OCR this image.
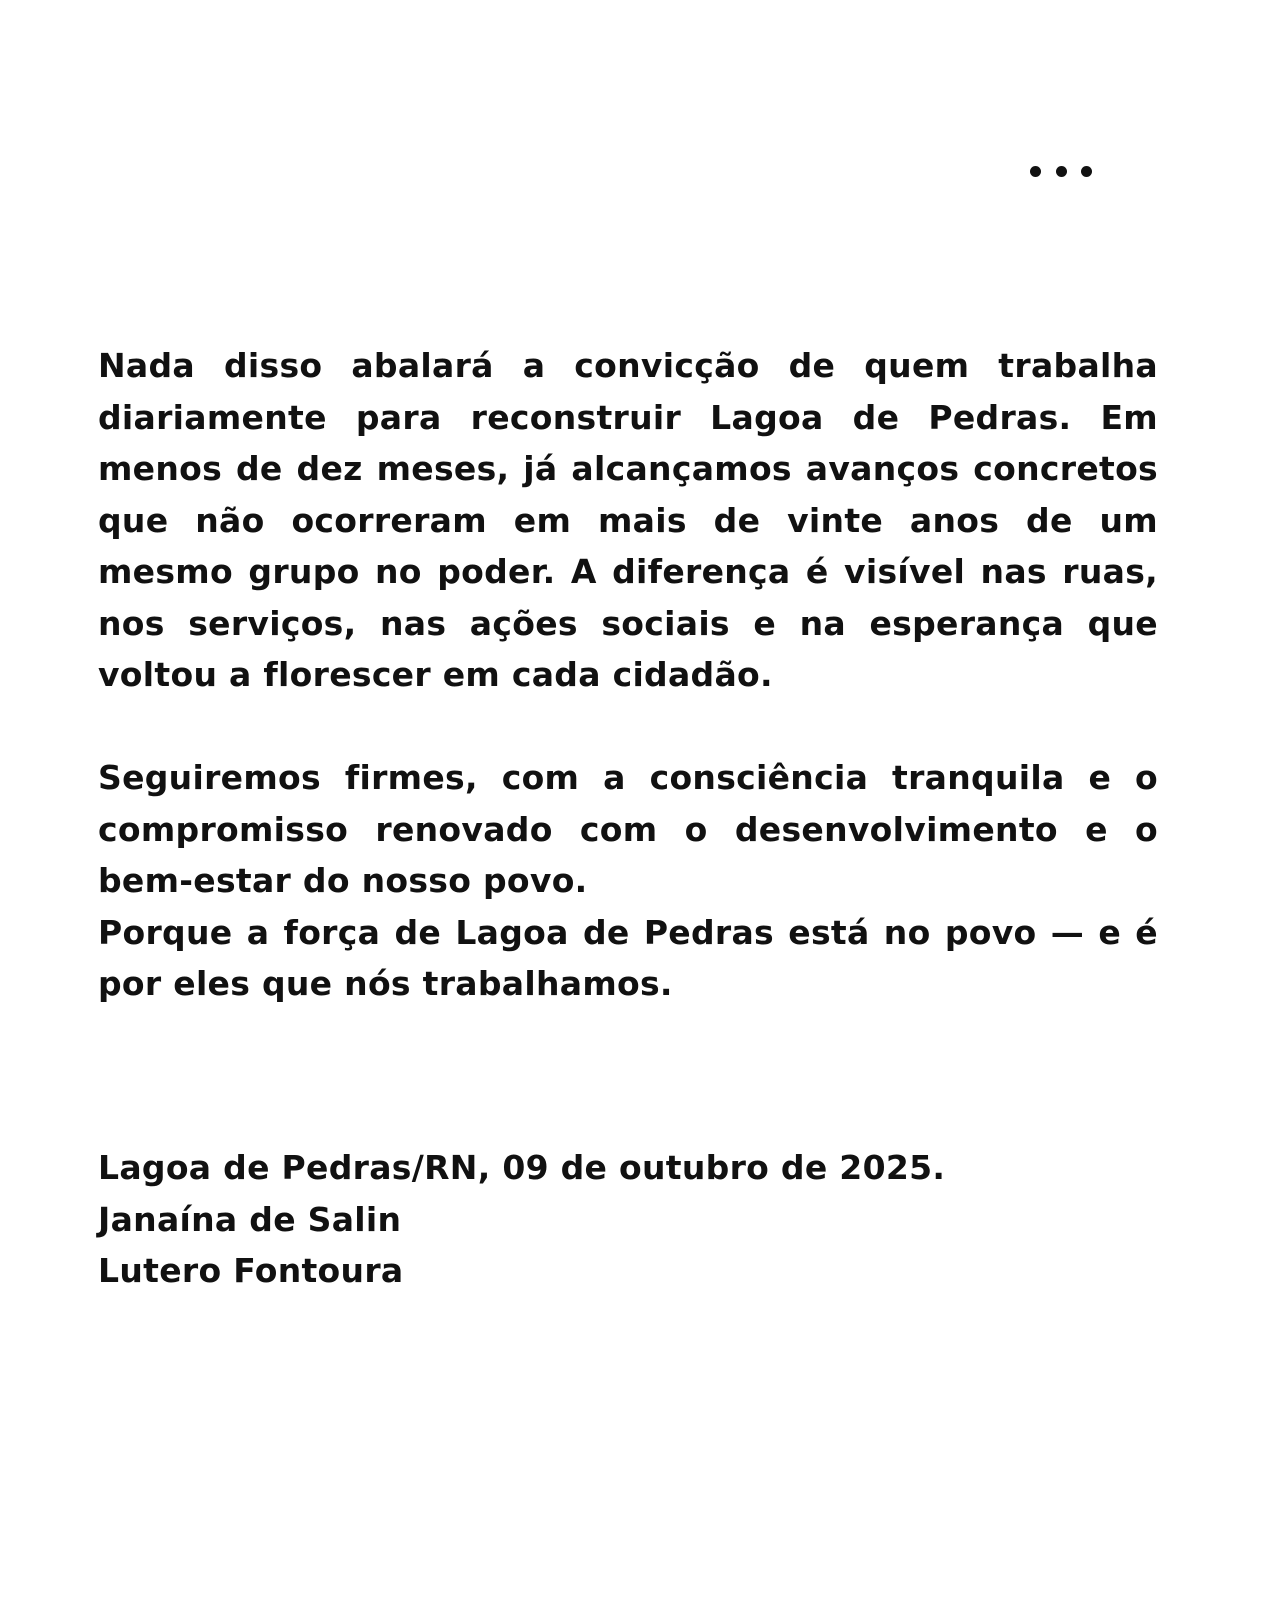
Nada disso abalará a convicção de quem trabalha diariamente para reconstruir Lagoa de Pedras. Em menos de dez meses, já alcançamos avanços concretos que não ocorreram em mais de vinte anos de um mesmo grupo no poder. A diferença é visível nas ruas, nos serviços, nas ações sociais e na esperança que voltou a florescer em cada cidadão.

Seguiremos firmes, com a consciência tranquila e o compromisso renovado com o desenvolvimento e o bem-estar do nosso povo.

Porque a força de Lagoa de Pedras está no povo — e é por eles que nós trabalhamos.

Lagoa de Pedras/RN, 09 de outubro de 2025.

Janaína de Salin

Lutero Fontoura
